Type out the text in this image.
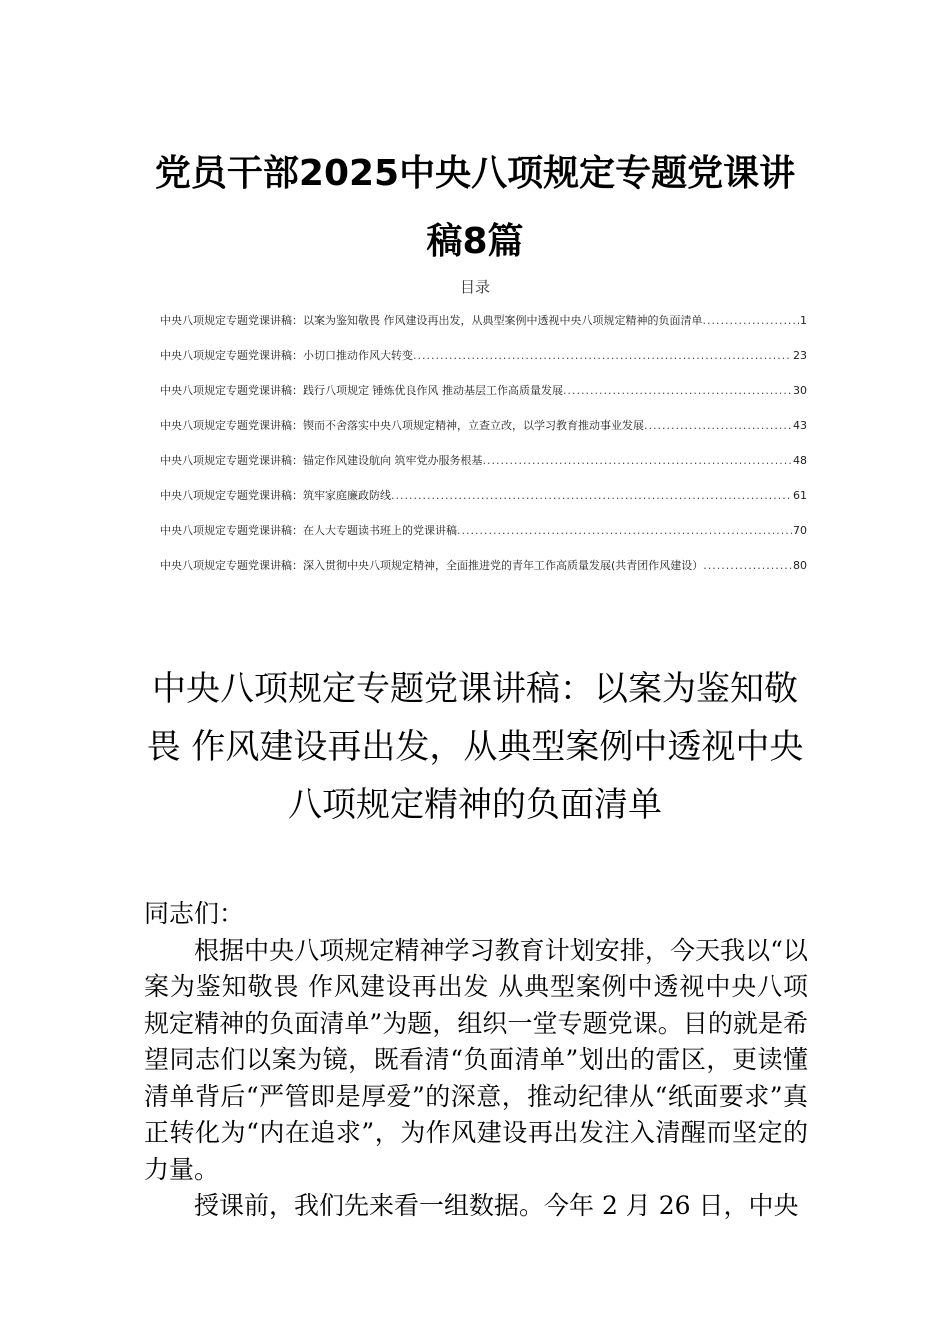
党员干部2025中央八项规定专题党课讲稿8篇
目录
中央八项规定专题党课讲稿：以案为鉴知敬畏 作风建设再出发，从典型案例中透视中央八项规定精神的负面清单 .....	1
中央八项规定专题党课讲稿：小切口推动作风大转变 .....	23
中央八项规定专题党课讲稿：践行八项规定 锤炼优良作风 推动基层工作高质量发展 .....	30
中央八项规定专题党课讲稿：锲而不舍落实中央八项规定精神，立查立改，以学习教育推动事业发展 .....	43
中央八项规定专题党课讲稿：锚定作风建设航向 筑牢党办服务根基 .....	48
中央八项规定专题党课讲稿：筑牢家庭廉政防线 .....	61
中央八项规定专题党课讲稿：在人大专题读书班上的党课讲稿 .....	70
中央八项规定专题党课讲稿：深入贯彻中央八项规定精神，全面推进党的青年工作高质量发展(共青团作风建设） .....	80
中央八项规定专题党课讲稿：以案为鉴知敬畏 作风建设再出发，从典型案例中透视中央八项规定精神的负面清单

同志们：

根据中央八项规定精神学习教育计划安排，今天我以“以案为鉴知敬畏 作风建设再出发 从典型案例中透视中央八项规定精神的负面清单”为题，组织一堂专题党课。目的就是希望同志们以案为镜，既看清“负面清单”划出的雷区，更读懂清单背后“严管即是厚爱”的深意，推动纪律从“纸面要求”真正转化为“内在追求”，为作风建设再出发注入清醒而坚定的力量。

授课前，我们先来看一组数据。今年 2 月 26 日，中央
